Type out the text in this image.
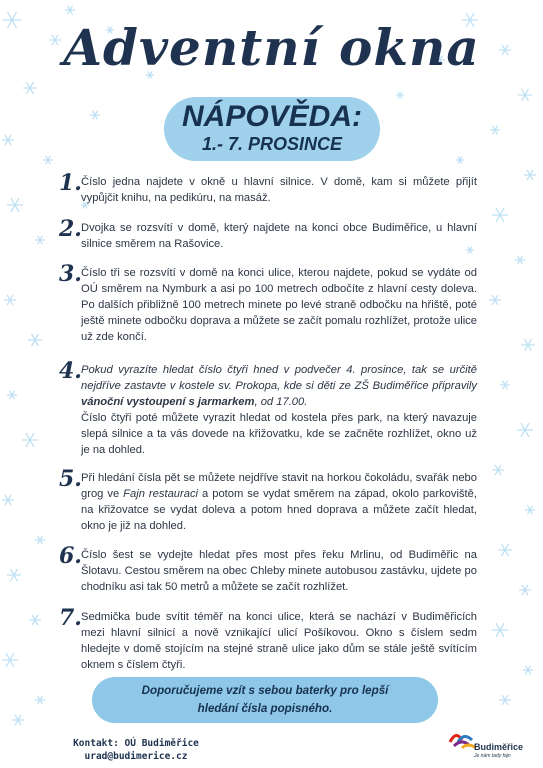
Adventní okna
NÁPOVĚDA:
1.- 7. PROSINCE
1. Číslo jedna najdete v okně u hlavní silnice. V domě, kam si můžete přijít vypůjčit knihu, na pedikúru, na masáž.

2. Dvojka se rozsvítí v domě, který najdete na konci obce Budiměřice, u hlavní silnice směrem na Rašovice.

3. Číslo tři se rozsvítí v domě na konci ulice, kterou najdete, pokud se vydáte od OÚ směrem na Nymburk a asi po 100 metrech odbočíte z hlavní cesty doleva. Po dalších přibližně 100 metrech minete po levé straně odbočku na hřiště, poté ještě minete odbočku doprava a můžete se začít pomalu rozhlížet, protože ulice už zde končí.

4. Pokud vyrazíte hledat číslo čtyři hned v podvečer 4. prosince, tak se určitě nejdříve zastavte v kostele sv. Prokopa, kde si děti ze ZŠ Budiměřice připravily vánoční vystoupení s jarmarkem, od 17.00.

Číslo čtyři poté můžete vyrazit hledat od kostela přes park, na který navazuje slepá silnice a ta vás dovede na křižovatku, kde se začněte rozhlížet, okno už je na dohled.

5. Při hledání čísla pět se můžete nejdříve stavit na horkou čokoládu, svařák nebo grog ve Fajn restauraci a potom se vydat směrem na západ, okolo parkoviště, na křižovatce se vydat doleva a potom hned doprava a můžete začít hledat, okno je již na dohled.

6. Číslo šest se vydejte hledat přes most přes řeku Mrlinu, od Budiměřic na Šlotavu. Cestou směrem na obec Chleby minete autobusou zastávku, ujdete po chodníku asi tak 50 metrů a můžete se začít rozhlížet.

7. Sedmička bude svítit téměř na konci ulice, která se nachází v Budiměřicích mezi hlavní silnicí a nově vznikající ulicí Pošíkovou. Okno s číslem sedm hledejte v domě stojícím na stejné straně ulice jako dům se stále ještě svítícím oknem s číslem čtyři.

Doporučujeme vzít s sebou baterky pro lepší
hledání čísla popisného.
Kontakt: OÚ Budiměřice
urad@budimerice.cz
Budiměřice
Je nám tady fajn
